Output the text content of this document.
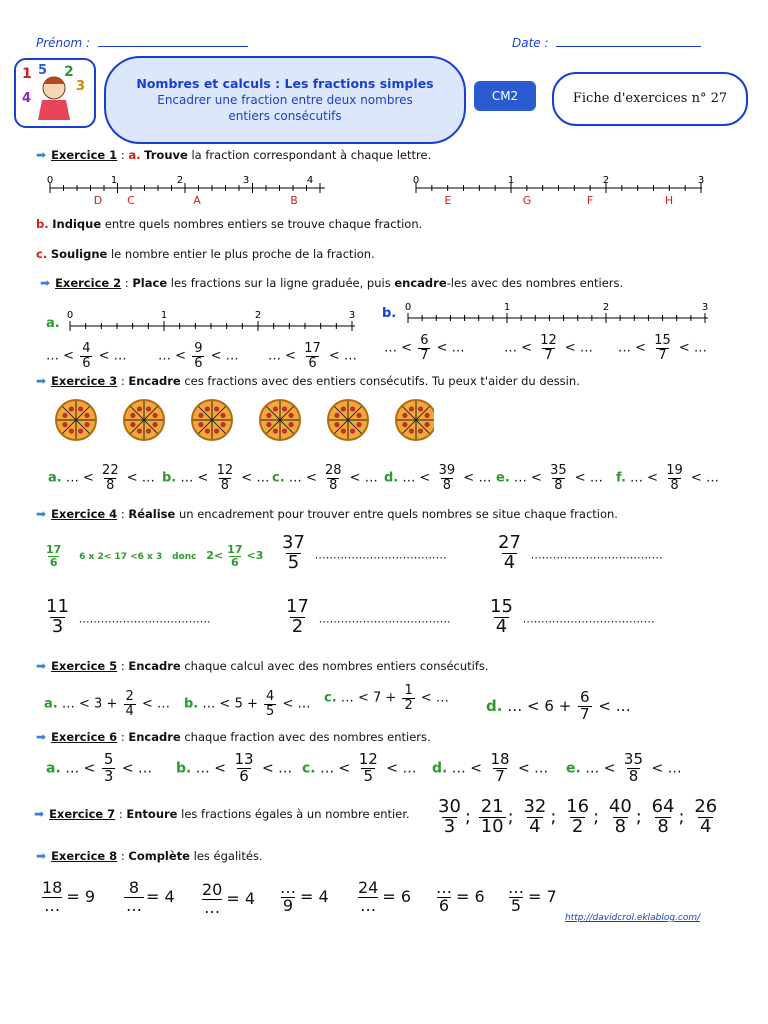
Prénom :	Date :
1 5 2
3
4
Nombres et calculs : Les fractions simples
Encadrer une fraction entre deux nombres entiers consécutifs
CM2	Fiche d'exercices n° 27
➡ Exercice 1 : a. Trouve la fraction correspondant à chaque lettre.
0	1	2	3	4
D C	A	B
0	1	2	3
E	G	F	H
b. Indique entre quels nombres entiers se trouve chaque fraction.
c. Souligne le nombre entier le plus proche de la fraction.
➡ Exercice 2 : Place les fractions sur la ligne graduée, puis encadre-les avec des nombres entiers.
a.
0	1	2	3 b. 0	1	2	3
… < $\frac{4}{6}$ < … … < $\frac{9}{6}$ < … … < $\frac{17}{6}$ < …
… < $\frac{6}{7}$ < …	… < $\frac{12}{7}$ < … … < $\frac{15}{7}$ < …
➡ Exercice 3 : Encadre ces fractions avec des entiers consécutifs. Tu peux t'aider du dessin.
a. … < $\frac{22}{8}$ < … b. … < $\frac{12}{8}$ < … c. … < $\frac{28}{8}$ < … d. … < $\frac{39}{8}$ < … e. … < $\frac{35}{8}$ < … f. … < $\frac{19}{8}$ < …
➡ Exercice 4 : Réalise un encadrement pour trouver entre quels nombres se situe chaque fraction.
$\frac{17}{6} 6$ x 2< 17 <6 x 3 donc $2< \frac{17}{6} <3 \frac{37}{5}$ ………………………………	$\frac{27}{4}$ ………………………………
$\frac{11}{3}$ ………………………………	$\frac{17}{2}$ ……………………………… $\frac{15}{4}$ ………………………………
➡ Exercice 5 : Encadre chaque calcul avec des nombres entiers consécutifs.
a. … < $3 + \frac{2}{4}$ < … b. … < $5 + \frac{4}{5}$ < … c. … < $7 + \frac{1}{2}$ < … d. … < $6 + \frac{6}{7}$ < …
➡ Exercice 6 : Encadre chaque fraction avec des nombres entiers.
a. … < $\frac{5}{3}$ < … b. … < $\frac{13}{6}$ < … c. … < $\frac{12}{5}$ < … d. … < $\frac{18}{7}$ < … e. … < $\frac{35}{8}$ < …
➡ Exercice 7 : Entoure les fractions égales à un nombre entier. $\frac{30}{3}$ ; $\frac{21}{10}$ ; $\frac{32}{4}$ ; $\frac{16}{2}$ ; $\frac{40}{8}$ ; $\frac{64}{8}$ ; $\frac{26}{4}$
➡ Exercice 8 : Complète les égalités.
$\frac{18}{\dots} = 9 \frac{8}{\dots} = 4 \frac{20}{\dots} = 4 \frac{\dots}{9} = 4 \frac{24}{\dots} = 6 \frac{\dots}{6} = 6 \frac{\dots}{5} = 7$
http://davidcrol.eklablog.com/
